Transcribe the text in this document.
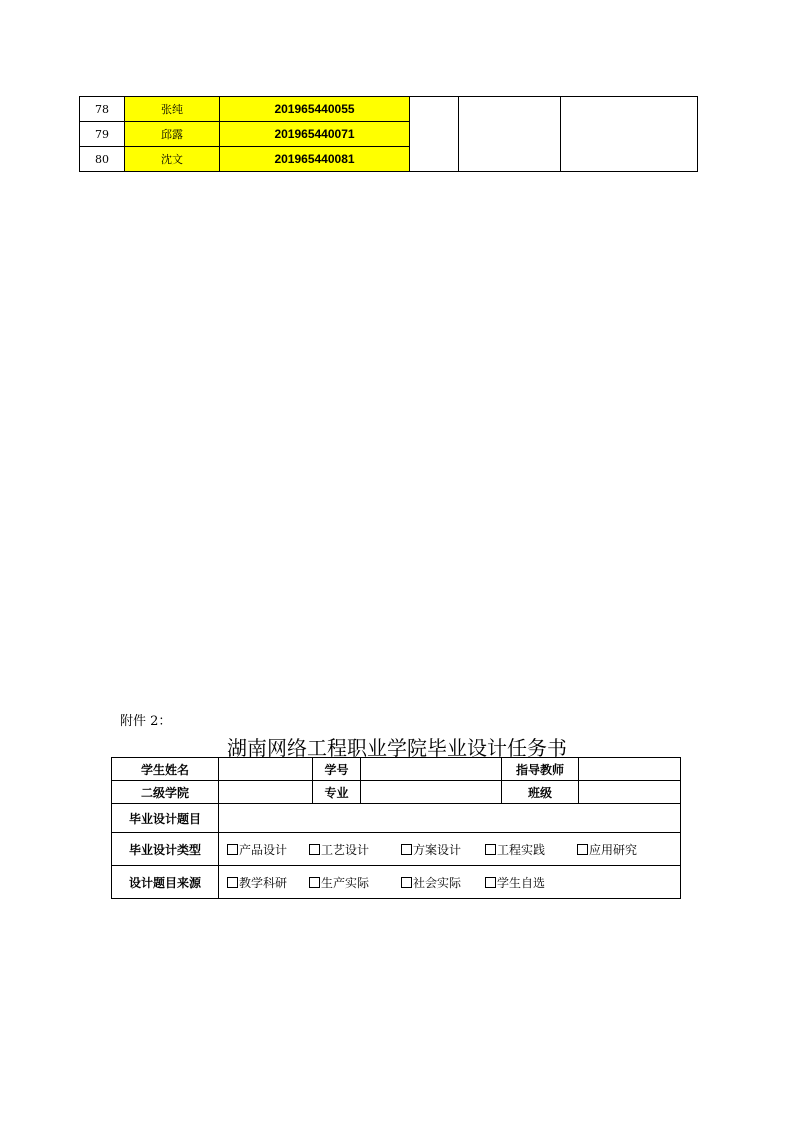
78	张纯	201965440055			
79	邱露	201965440071			
80	沈文	201965440081			
附件 2：
湖南网络工程职业学院毕业设计任务书
学生姓名		学号		指导教师	
二级学院		专业		班级	
毕业设计题目					
毕业设计类型	产品设计 工艺设计 方案设计 工程实践 应用研究				

设计题目来源	教学科研 生产实际 社会实际 学生自选				
